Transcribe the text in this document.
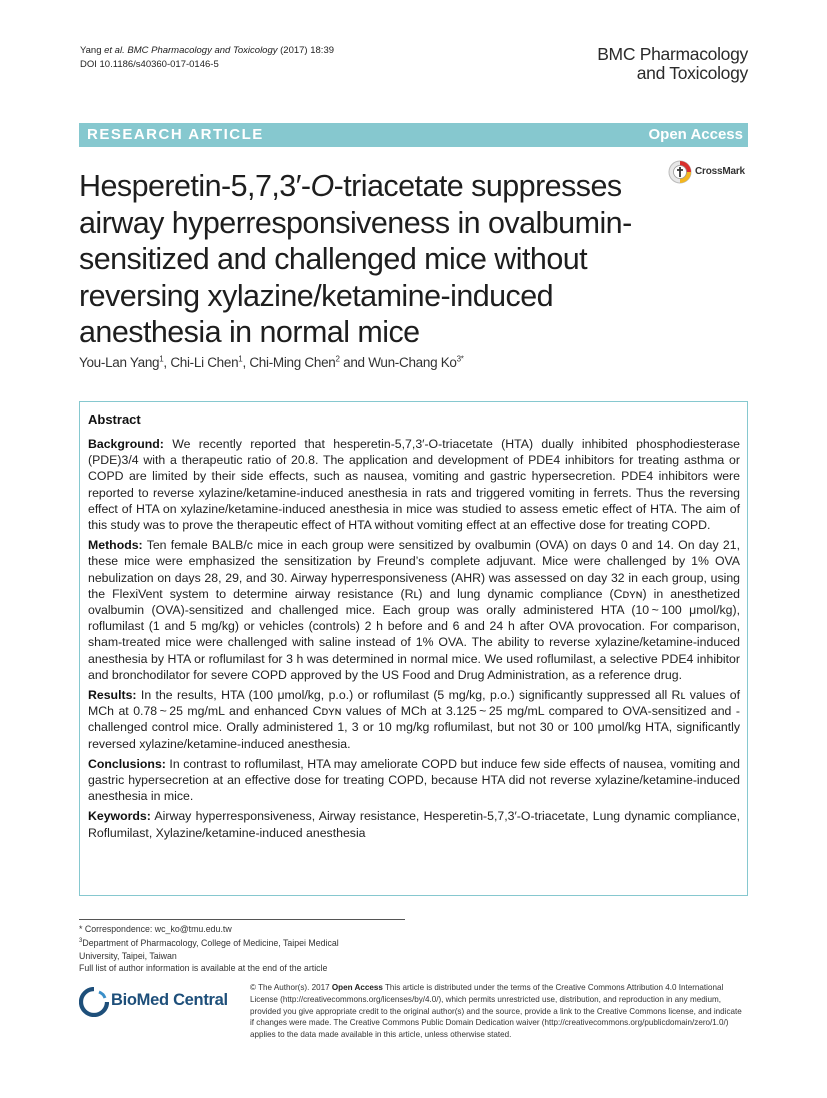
Yang et al. BMC Pharmacology and Toxicology (2017) 18:39
DOI 10.1186/s40360-017-0146-5
BMC Pharmacology
and Toxicology
RESEARCH ARTICLE	Open Access
CrossMark
Hesperetin-5,7,3′-O-triacetate suppresses airway hyperresponsiveness in ovalbumin-sensitized and challenged mice without reversing xylazine/ketamine-induced anesthesia in normal mice
You-Lan Yang$^1$, Chi-Li Chen$^1$, Chi-Ming Chen$^2$ and Wun-Chang $Ko^{3*}$
Abstract

Background: We recently reported that hesperetin-5,7,3′-O-triacetate (HTA) dually inhibited phosphodiesterase (PDE)3/4 with a therapeutic ratio of 20.8. The application and development of PDE4 inhibitors for treating asthma or COPD are limited by their side effects, such as nausea, vomiting and gastric hypersecretion. PDE4 inhibitors were reported to reverse xylazine/ketamine-induced anesthesia in rats and triggered vomiting in ferrets. Thus the reversing effect of HTA on xylazine/ketamine-induced anesthesia in mice was studied to assess emetic effect of HTA. The aim of this study was to prove the therapeutic effect of HTA without vomiting effect at an effective dose for treating COPD.

Methods: Ten female BALB/c mice in each group were sensitized by ovalbumin (OVA) on days 0 and 14. On day 21, these mice were emphasized the sensitization by Freund’s complete adjuvant. Mice were challenged by 1% OVA nebulization on days 28, 29, and 30. Airway hyperresponsiveness (AHR) was assessed on day 32 in each group, using the FlexiVent system to determine airway resistance (Rʟ) and lung dynamic compliance (Cᴅʏɴ) in anesthetized ovalbumin (OVA)-sensitized and challenged mice. Each group was orally administered HTA (10 ~ 100 μmol/kg), roflumilast (1 and 5 mg/kg) or vehicles (controls) 2 h before and 6 and 24 h after OVA provocation. For comparison, sham-treated mice were challenged with saline instead of 1% OVA. The ability to reverse xylazine/ketamine-induced anesthesia by HTA or roflumilast for 3 h was determined in normal mice. We used roflumilast, a selective PDE4 inhibitor and bronchodilator for severe COPD approved by the US Food and Drug Administration, as a reference drug.

Results: In the results, HTA (100 μmol/kg, p.o.) or roflumilast (5 mg/kg, p.o.) significantly suppressed all Rʟ values of MCh at 0.78 ~ 25 mg/mL and enhanced Cᴅʏɴ values of MCh at 3.125 ~ 25 mg/mL compared to OVA-sensitized and -challenged control mice. Orally administered 1, 3 or 10 mg/kg roflumilast, but not 30 or 100 μmol/kg HTA, significantly reversed xylazine/ketamine-induced anesthesia.

Conclusions: In contrast to roflumilast, HTA may ameliorate COPD but induce few side effects of nausea, vomiting and gastric hypersecretion at an effective dose for treating COPD, because HTA did not reverse xylazine/ketamine-induced anesthesia in mice.

Keywords: Airway hyperresponsiveness, Airway resistance, Hesperetin-5,7,3′-O-triacetate, Lung dynamic compliance, Roflumilast, Xylazine/ketamine-induced anesthesia

* Correspondence: wc_ko@tmu.edu.tw
$^3$Department of Pharmacology, College of Medicine, Taipei Medical University, Taipei, Taiwan
Full list of author information is available at the end of the article
BioMed Central
© The Author(s). 2017 Open Access This article is distributed under the terms of the Creative Commons Attribution 4.0 International License (http://creativecommons.org/licenses/by/4.0/), which permits unrestricted use, distribution, and reproduction in any medium, provided you give appropriate credit to the original author(s) and the source, provide a link to the Creative Commons license, and indicate if changes were made. The Creative Commons Public Domain Dedication waiver (http://creativecommons.org/publicdomain/zero/1.0/) applies to the data made available in this article, unless otherwise stated.
